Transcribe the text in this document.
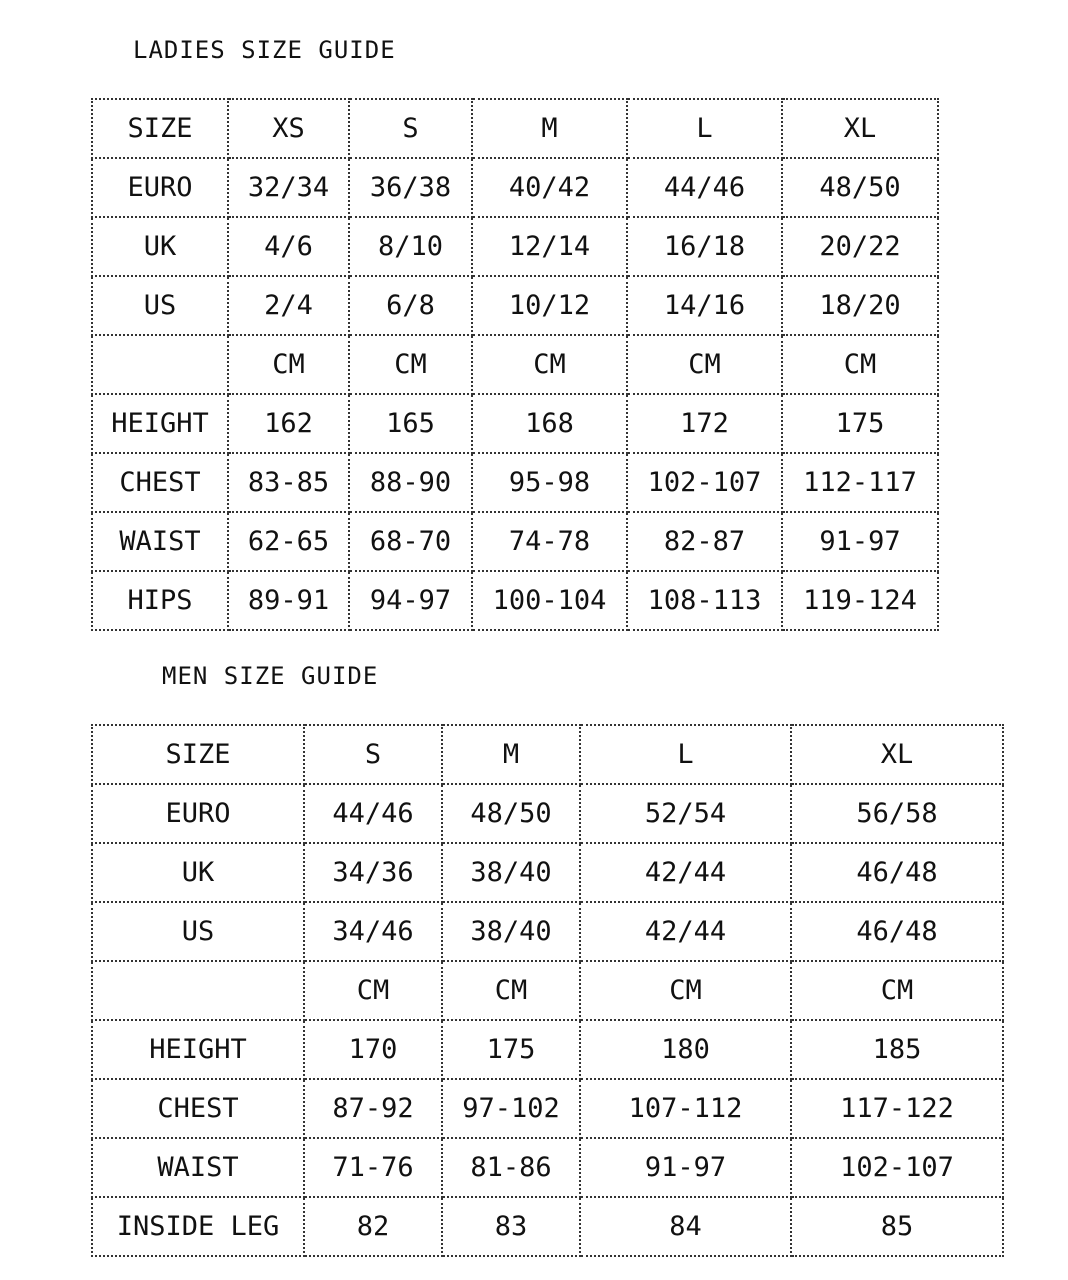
LADIES SIZE GUIDE
SIZE	XS	S	M	L	XL
EURO	32/34	36/38	40/42	44/46	48/50
UK	4/6	8/10	12/14	16/18	20/22
US	2/4	6/8	10/12	14/16	18/20
	CM	CM	CM	CM	CM
HEIGHT	162	165	168	172	175
CHEST	83-85	88-90	95-98	102-107	112-117
WAIST	62-65	68-70	74-78	82-87	91-97
HIPS	89-91	94-97	100-104	108-113	119-124
MEN SIZE GUIDE
SIZE	S	M	L	XL
EURO	44/46	48/50	52/54	56/58
UK	34/36	38/40	42/44	46/48
US	34/46	38/40	42/44	46/48
	CM	CM	CM	CM
HEIGHT	170	175	180	185
CHEST	87-92	97-102	107-112	117-122
WAIST	71-76	81-86	91-97	102-107
INSIDE LEG	82	83	84	85
